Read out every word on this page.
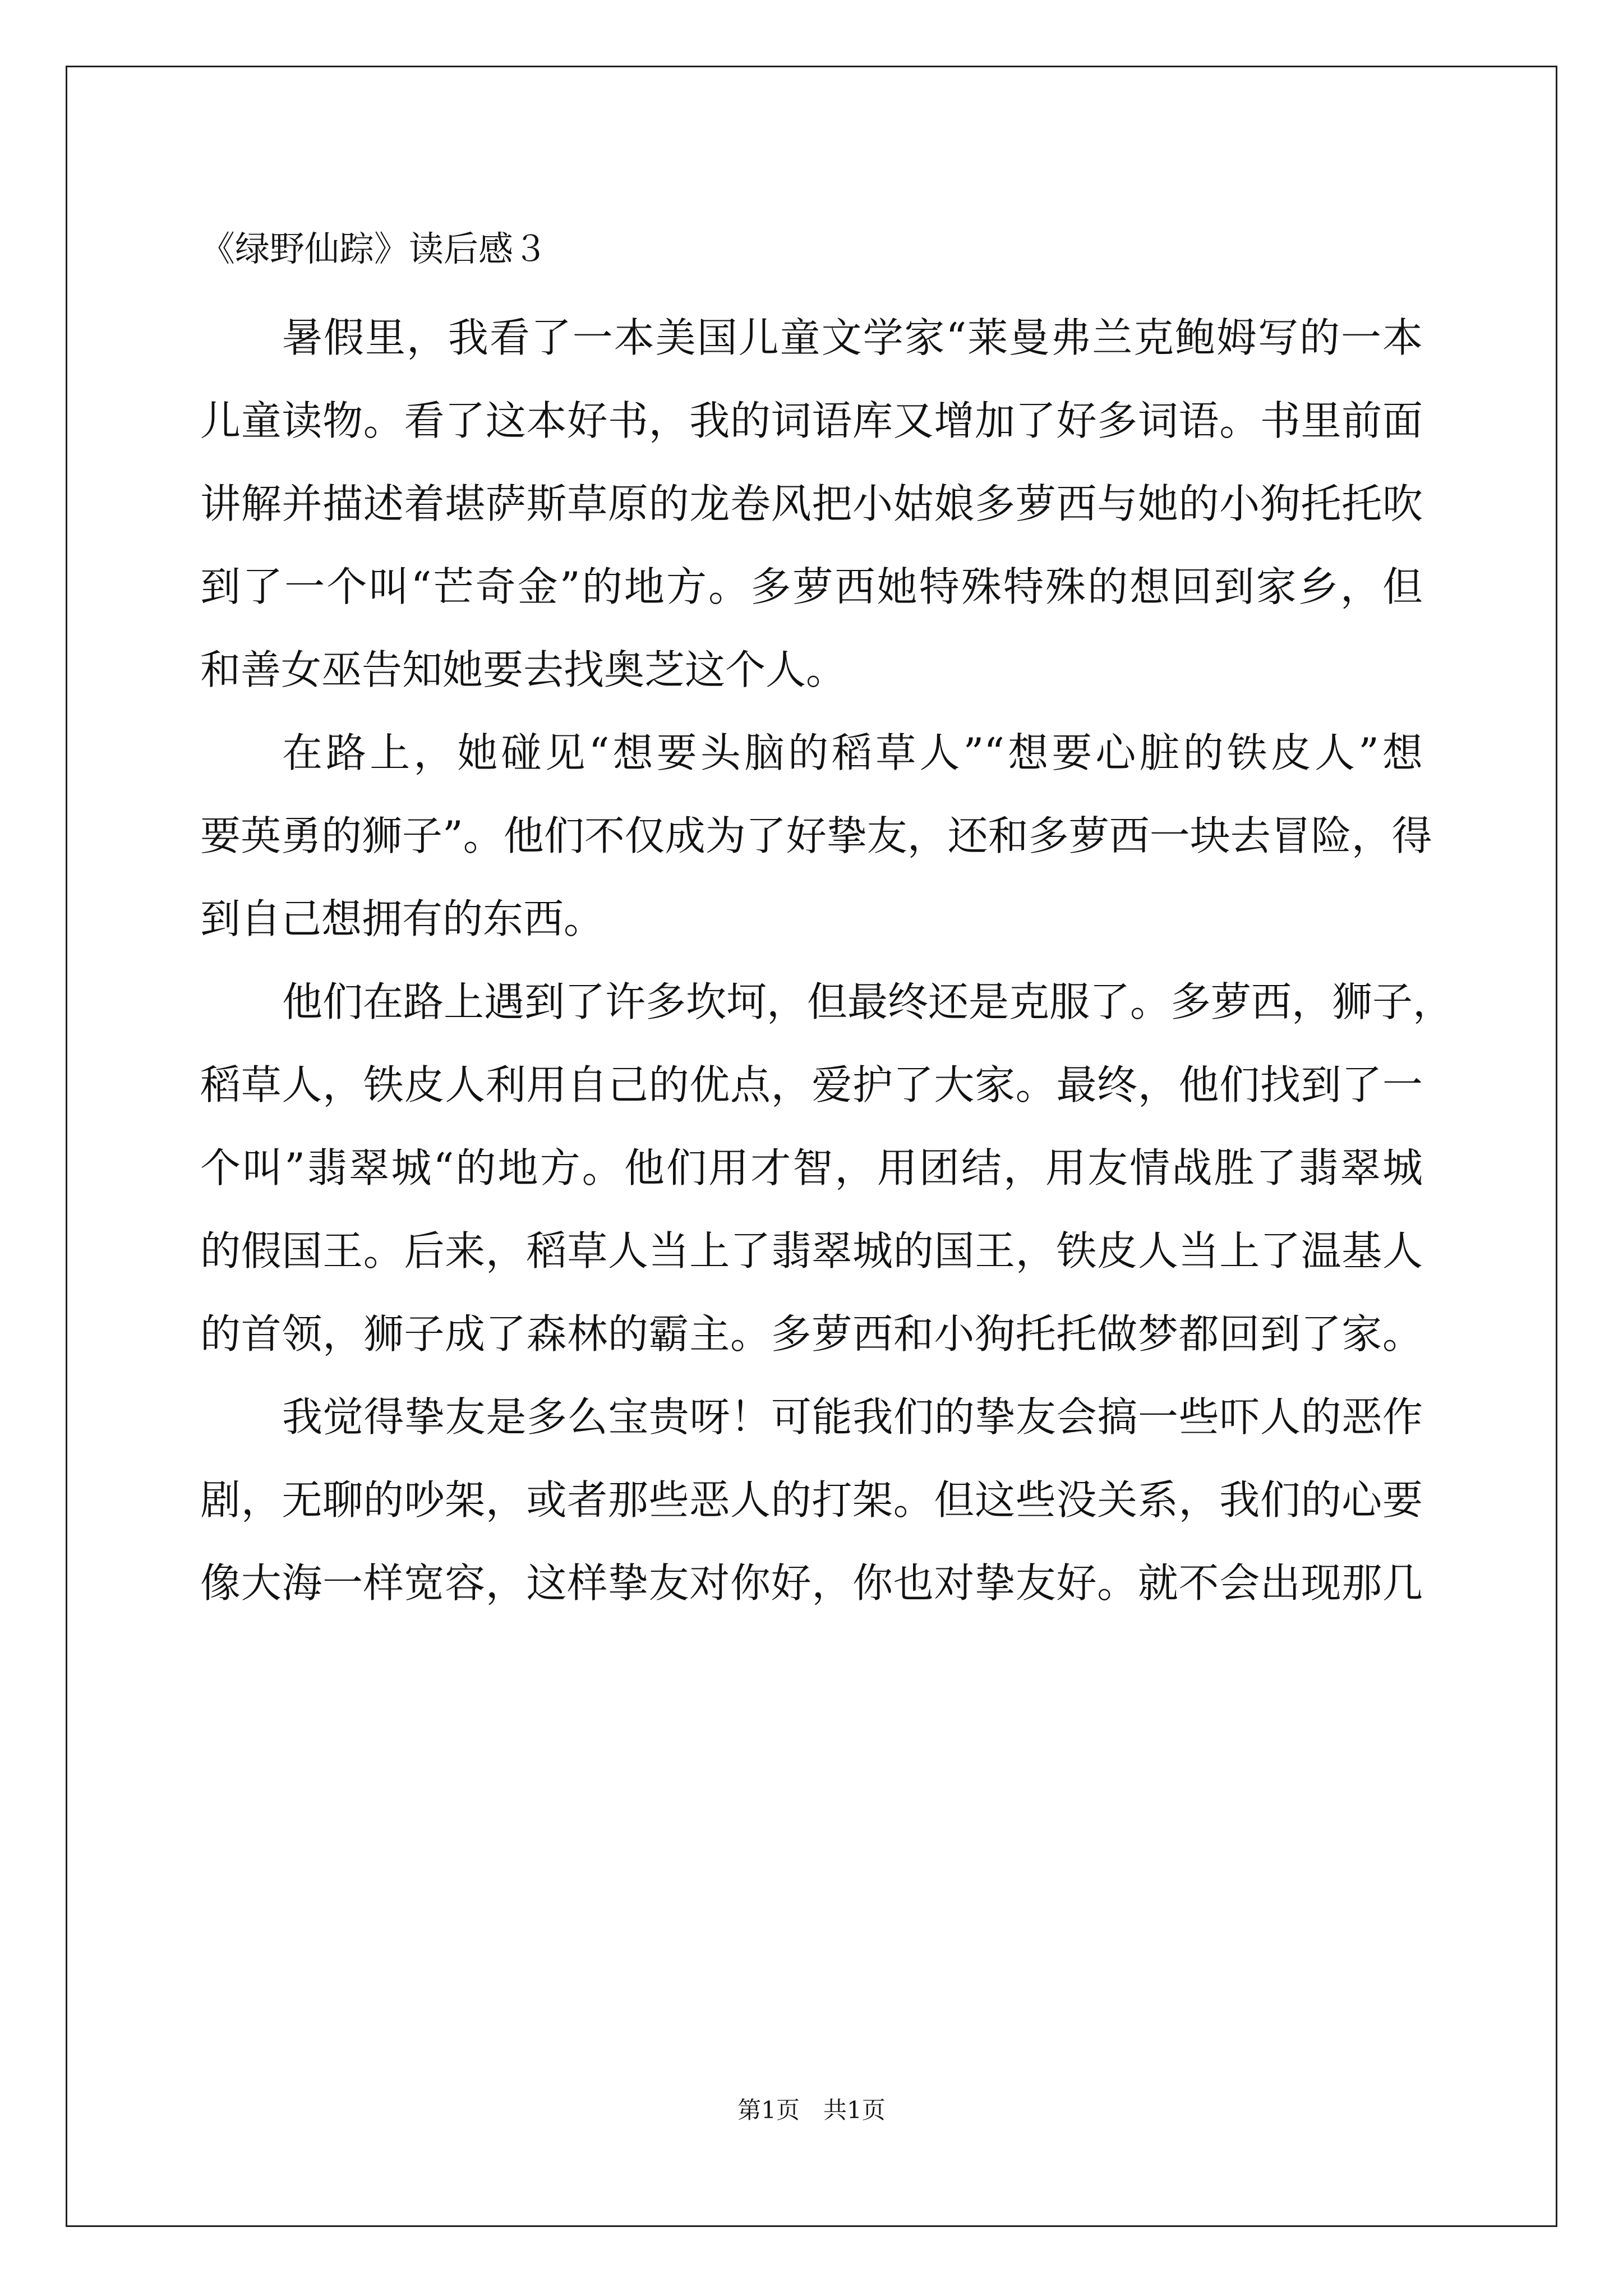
《绿野仙踪》读后感３
暑假里，我看了一本美国儿童文学家“莱曼弗兰克鲍姆写的一本
儿童读物。看了这本好书，我的词语库又增加了好多词语。书里前面
讲解并描述着堪萨斯草原的龙卷风把小姑娘多萝西与她的小狗托托吹
到了一个叫“芒奇金”的地方。多萝西她特殊特殊的想回到家乡，但
和善女巫告知她要去找奥芝这个人。
在路上，她碰见“想要头脑的稻草人”“想要心脏的铁皮人”想
要英勇的狮子”。他们不仅成为了好挚友，还和多萝西一块去冒险，得
到自己想拥有的东西。
他们在路上遇到了许多坎坷，但最终还是克服了。多萝西，狮子，
稻草人，铁皮人利用自己的优点，爱护了大家。最终，他们找到了一
个叫”翡翠城“的地方。他们用才智，用团结，用友情战胜了翡翠城
的假国王。后来，稻草人当上了翡翠城的国王，铁皮人当上了温基人
的首领，狮子成了森林的霸主。多萝西和小狗托托做梦都回到了家。
我觉得挚友是多么宝贵呀！可能我们的挚友会搞一些吓人的恶作
剧，无聊的吵架，或者那些恶人的打架。但这些没关系，我们的心要
像大海一样宽容，这样挚友对你好，你也对挚友好。就不会出现那几
第1页　共1页
